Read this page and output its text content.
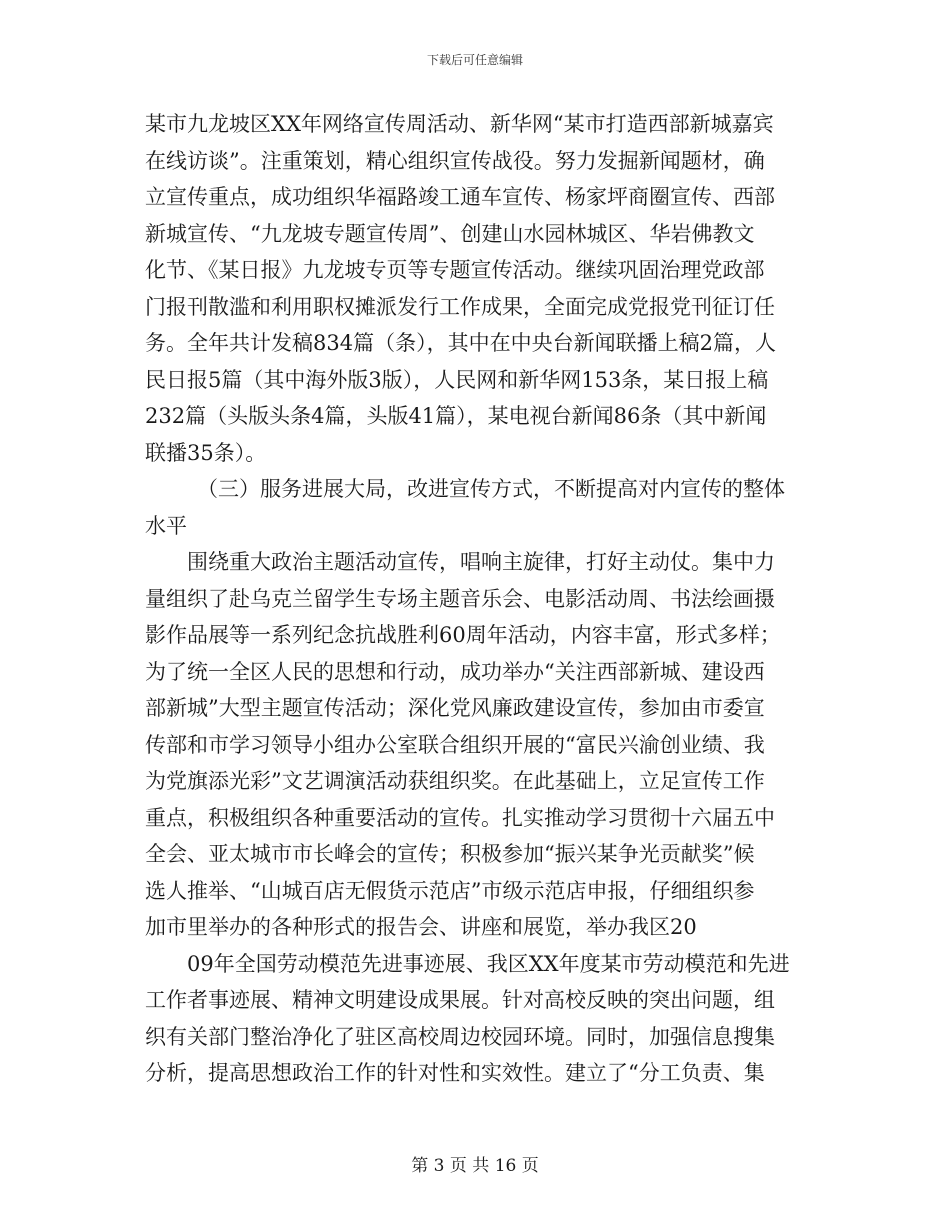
下载后可任意编辑
某市九龙坡区XX年网络宣传周活动、新华网“某市打造西部新城嘉宾
在线访谈”。注重策划，精心组织宣传战役。努力发掘新闻题材，确
立宣传重点，成功组织华福路竣工通车宣传、杨家坪商圈宣传、西部
新城宣传、“九龙坡专题宣传周”、创建山水园林城区、华岩佛教文
化节、《某日报》九龙坡专页等专题宣传活动。继续巩固治理党政部
门报刊散滥和利用职权摊派发行工作成果，全面完成党报党刊征订任
务。全年共计发稿834篇（条），其中在中央台新闻联播上稿2篇，人
民日报5篇（其中海外版3版），人民网和新华网153条，某日报上稿
232篇（头版头条4篇，头版41篇），某电视台新闻86条（其中新闻
联播35条）。
（三）服务进展大局，改进宣传方式，不断提高对内宣传的整体
水平
围绕重大政治主题活动宣传，唱响主旋律，打好主动仗。集中力
量组织了赴乌克兰留学生专场主题音乐会、电影活动周、书法绘画摄
影作品展等一系列纪念抗战胜利60周年活动，内容丰富，形式多样；
为了统一全区人民的思想和行动，成功举办“关注西部新城、建设西
部新城”大型主题宣传活动；深化党风廉政建设宣传，参加由市委宣
传部和市学习领导小组办公室联合组织开展的“富民兴渝创业绩、我
为党旗添光彩”文艺调演活动获组织奖。在此基础上，立足宣传工作
重点，积极组织各种重要活动的宣传。扎实推动学习贯彻十六届五中
全会、亚太城市市长峰会的宣传；积极参加“振兴某争光贡献奖”候
选人推举、“山城百店无假货示范店”市级示范店申报，仔细组织参
加市里举办的各种形式的报告会、讲座和展览，举办我区20
09年全国劳动模范先进事迹展、我区XX年度某市劳动模范和先进
工作者事迹展、精神文明建设成果展。针对高校反映的突出问题，组
织有关部门整治净化了驻区高校周边校园环境。同时，加强信息搜集
分析，提高思想政治工作的针对性和实效性。建立了“分工负责、集
第 3 页 共 16 页
